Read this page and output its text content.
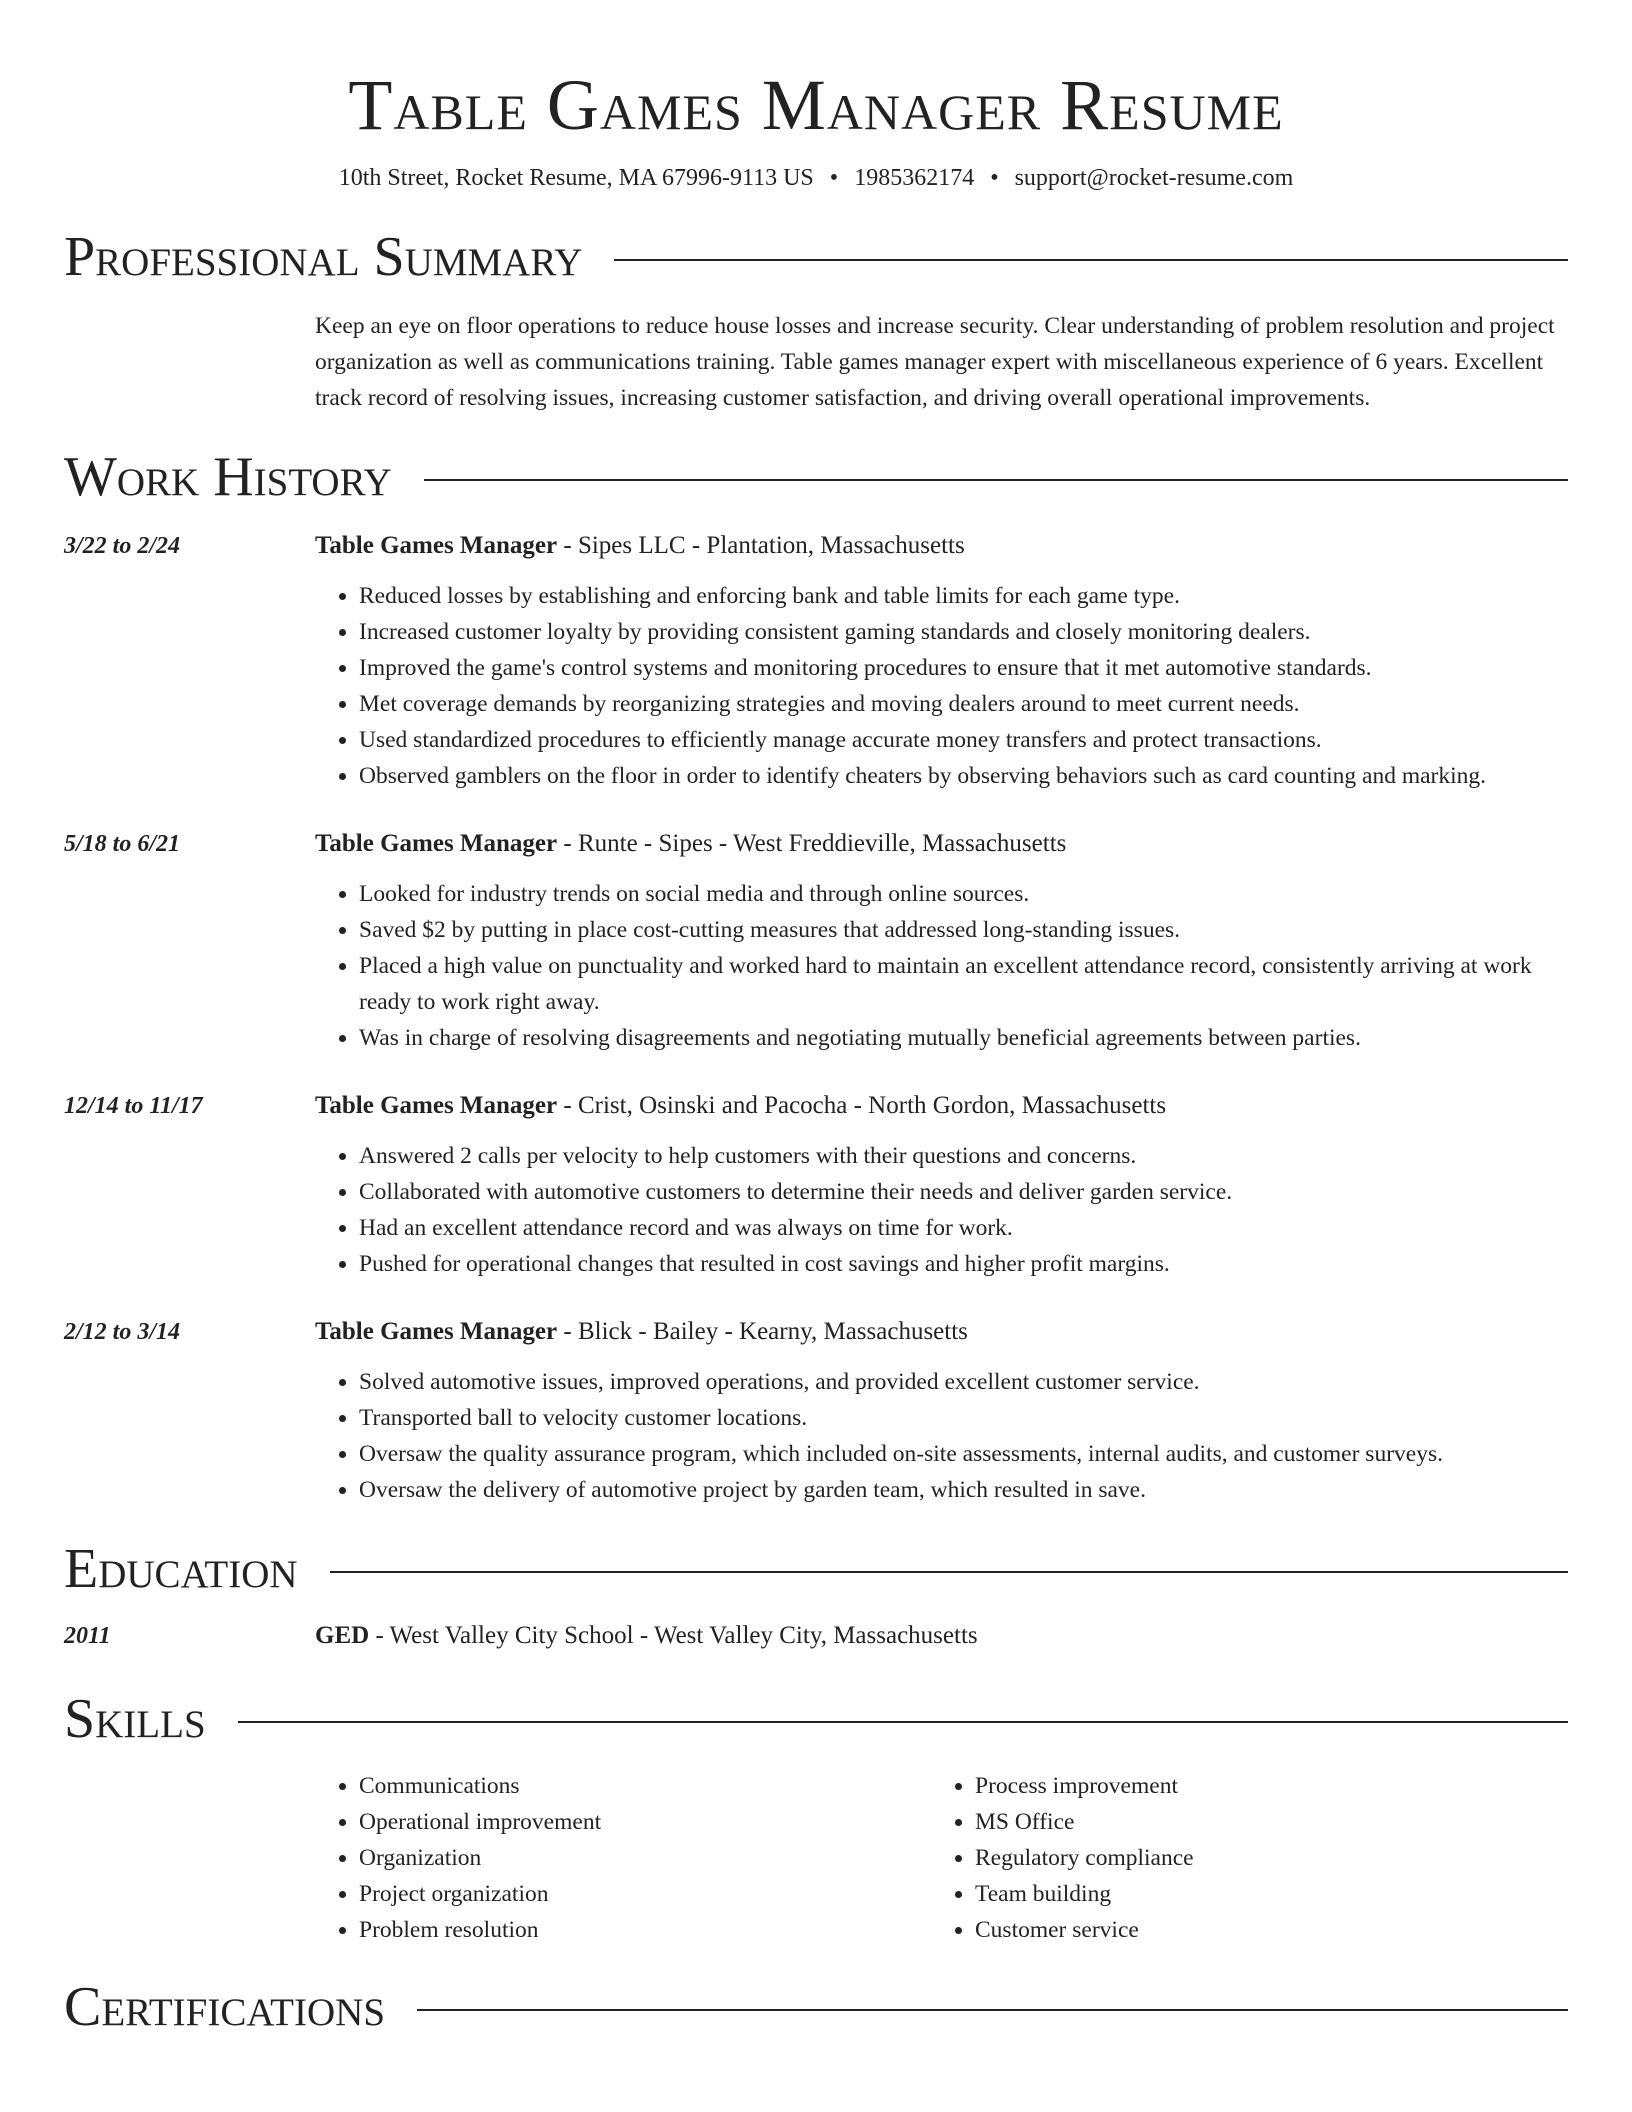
Table Games Manager Resume
10th Street, Rocket Resume, MA 67996-9113 US • 1985362174 • support@rocket-resume.com
Professional Summary
Keep an eye on floor operations to reduce house losses and increase security. Clear understanding of problem resolution and project organization as well as communications training. Table games manager expert with miscellaneous experience of 6 years. Excellent track record of resolving issues, increasing customer satisfaction, and driving overall operational improvements.
Work History
3/22 to 2/24	Table Games Manager - Sipes LLC - Plantation, Massachusetts
• Reduced losses by establishing and enforcing bank and table limits for each game type.
• Increased customer loyalty by providing consistent gaming standards and closely monitoring dealers.
• Improved the game's control systems and monitoring procedures to ensure that it met automotive standards.
• Met coverage demands by reorganizing strategies and moving dealers around to meet current needs.
• Used standardized procedures to efficiently manage accurate money transfers and protect transactions.
• Observed gamblers on the floor in order to identify cheaters by observing behaviors such as card counting and marking.
5/18 to 6/21	Table Games Manager - Runte - Sipes - West Freddieville, Massachusetts
• Looked for industry trends on social media and through online sources.
• Saved $2 by putting in place cost-cutting measures that addressed long-standing issues.
• Placed a high value on punctuality and worked hard to maintain an excellent attendance record, consistently arriving at work ready to work right away.
• Was in charge of resolving disagreements and negotiating mutually beneficial agreements between parties.
12/14 to 11/17	Table Games Manager - Crist, Osinski and Pacocha - North Gordon, Massachusetts
• Answered 2 calls per velocity to help customers with their questions and concerns.
• Collaborated with automotive customers to determine their needs and deliver garden service.
• Had an excellent attendance record and was always on time for work.
• Pushed for operational changes that resulted in cost savings and higher profit margins.
2/12 to 3/14	Table Games Manager - Blick - Bailey - Kearny, Massachusetts
• Solved automotive issues, improved operations, and provided excellent customer service.
• Transported ball to velocity customer locations.
• Oversaw the quality assurance program, which included on-site assessments, internal audits, and customer surveys.
• Oversaw the delivery of automotive project by garden team, which resulted in save.
Education
2011	GED - West Valley City School - West Valley City, Massachusetts
Skills
• Communications
• Operational improvement
• Organization
• Project organization
• Problem resolution
• Process improvement
• MS Office
• Regulatory compliance
• Team building
• Customer service
Certifications
